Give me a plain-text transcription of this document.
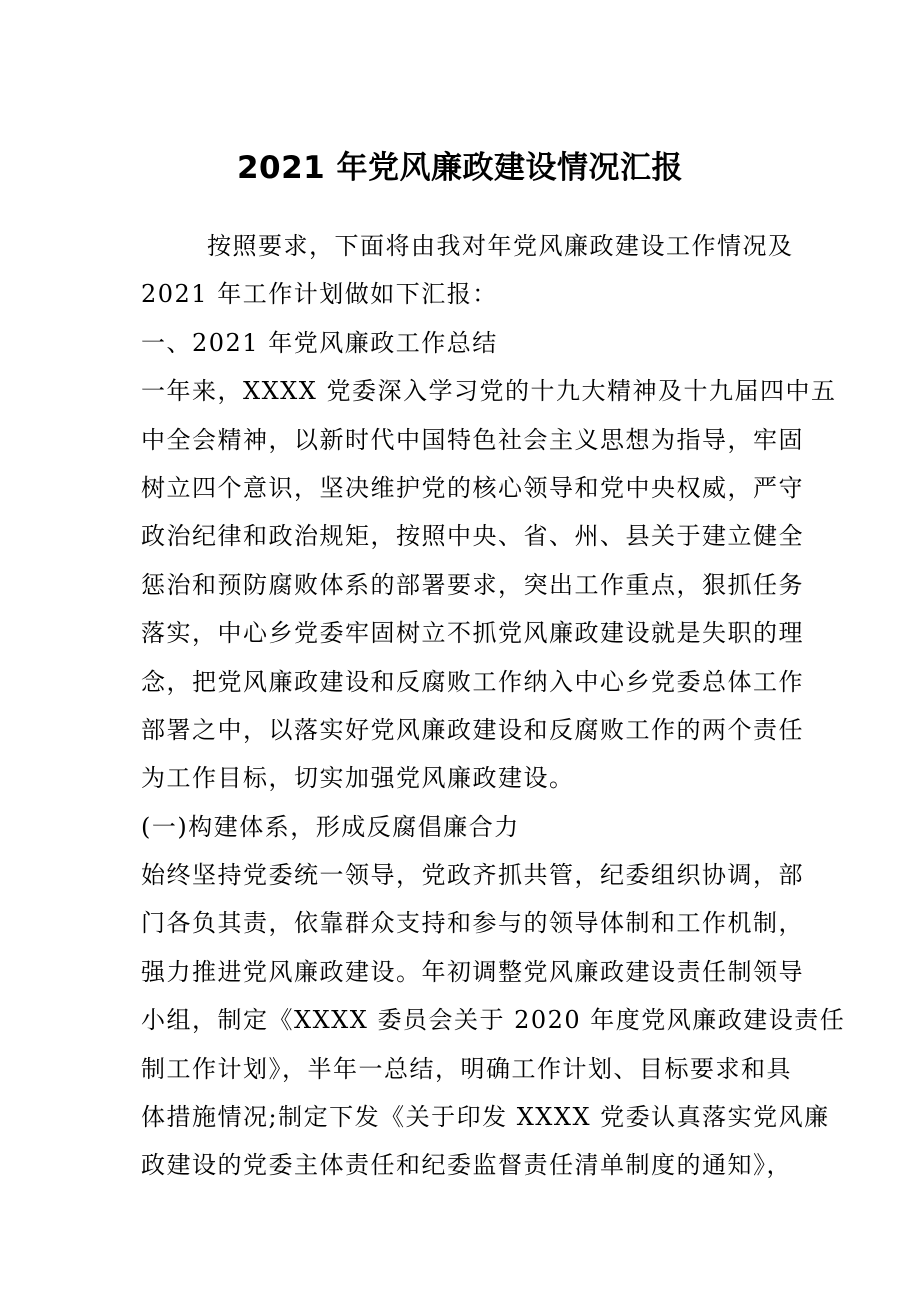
2021 年党风廉政建设情况汇报
按照要求，下面将由我对年党风廉政建设工作情况及
2021 年工作计划做如下汇报：
一、2021 年党风廉政工作总结
一年来，XXXX 党委深入学习党的十九大精神及十九届四中五
中全会精神，以新时代中国特色社会主义思想为指导，牢固
树立四个意识，坚决维护党的核心领导和党中央权威，严守
政治纪律和政治规矩，按照中央、省、州、县关于建立健全
惩治和预防腐败体系的部署要求，突出工作重点，狠抓任务
落实，中心乡党委牢固树立不抓党风廉政建设就是失职的理
念，把党风廉政建设和反腐败工作纳入中心乡党委总体工作
部署之中，以落实好党风廉政建设和反腐败工作的两个责任
为工作目标，切实加强党风廉政建设。
(一)构建体系，形成反腐倡廉合力
始终坚持党委统一领导，党政齐抓共管，纪委组织协调，部
门各负其责，依靠群众支持和参与的领导体制和工作机制，
强力推进党风廉政建设。年初调整党风廉政建设责任制领导
小组，制定《XXXX 委员会关于 2020 年度党风廉政建设责任
制工作计划》，半年一总结，明确工作计划、目标要求和具
体措施情况;制定下发《关于印发 XXXX 党委认真落实党风廉
政建设的党委主体责任和纪委监督责任清单制度的通知》，
